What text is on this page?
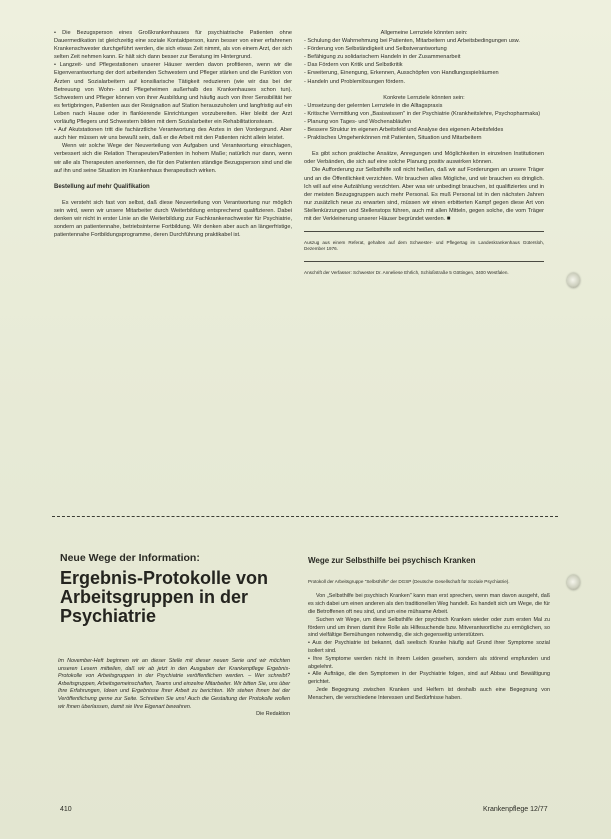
• Die Bezugsperson eines Großkrankenhauses für psychiatrische Patienten ohne Dauermedikation ist gleichzeitig eine soziale Kontaktperson, kann besser von einer erfahrenen Krankenschwester durchgeführt werden, die sich etwas Zeit nimmt, als von einem Arzt, der sich selten Zeit nehmen kann. Er hält sich dann besser zur Beratung im Hintergrund.

• Langzeit- und Pflegestationen unserer Häuser werden davon profitieren, wenn wir die Eigenverantwortung der dort arbeitenden Schwestern und Pfleger stärken und die Funktion von Ärzten und Sozialarbeitern auf konsiliarische Tätigkeit reduzieren (wie wir das bei der Betreuung von Wohn- und Pflegeheimen außerhalb des Krankenhauses schon tun). Schwestern und Pfleger können von ihrer Ausbildung und häufig auch von ihrer Sensibilität her es fertigbringen, Patienten aus der Resignation auf Station herauszuholen und langfristig auf ein Leben nach Hause oder in flankierende Einrichtungen vorzubereiten. Hier bleibt der Arzt vorläufig Pflegers und Schwestern bilden mit dem Sozialarbeiter ein Rehabilitationsteam.

• Auf Akutstationen tritt die fachärztliche Verantwortung des Arztes in den Vordergrund. Aber auch hier müssen wir uns bewußt sein, daß er die Arbeit mit den Patienten nicht allein leistet.

Wenn wir solche Wege der Neuverteilung von Aufgaben und Verantwortung einschlagen, verbessert sich die Relation Therapeuten/Patienten in hohem Maße; natürlich nur dann, wenn wir alle als Therapeuten anerkennen, die für den Patienten ständige Bezugsperson sind und die auf ihn und seine Situation im Krankenhaus therapeutisch wirken.

Bestellung auf mehr Qualifikation

Es versteht sich fast von selbst, daß diese Neuverteilung von Verantwortung nur möglich sein wird, wenn wir unsere Mitarbeiter durch Weiterbildung entsprechend qualifizieren. Dabei denken wir nicht in erster Linie an die Weiterbildung zur Fachkrankenschwester für Psychiatrie, sondern an patientennahe, betriebsinterne Fortbildung. Wir denken aber auch an längerfristige, patientennahe Fortbildungsprogramme, deren Durchführung praktikabel ist.

Allgemeine Lernziele könnten sein:

- Schulung der Wahrnehmung bei Patienten, Mitarbeitern und Arbeitsbedingungen usw.
- Förderung von Selbständigkeit und Selbstverantwortung
- Befähigung zu solidarischem Handeln in der Zusammenarbeit
- Das Fördern von Kritik und Selbstkritik
- Erweiterung, Einengung, Erkennen, Ausschöpfen von Handlungsspielräumen
- Handeln und Problemlösungen fördern.

Konkrete Lernziele könnten sein:

- Umsetzung der gelernten Lernziele in die Alltagspraxis
- Kritische Vermittlung von „Basiswissen" in der Psychiatrie (Krankheitslehre, Psychopharmaka)
- Planung von Tages- und Wochenabläufen
- Bessere Struktur im eigenen Arbeitsfeld und Analyse des eigenen Arbeitsfeldes
- Praktisches Umgehenkönnen mit Patienten, Situation und Mitarbeitern

Es gibt schon praktische Ansätze, Anregungen und Möglichkeiten in einzelnen Institutionen oder Verbänden, die sich auf eine solche Planung positiv auswirken können.

Die Aufforderung zur Selbsthilfe soll nicht heißen, daß wir auf Forderungen an unsere Träger und an die Öffentlichkeit verzichten. Wir brauchen alles Mögliche, und wir brauchen es dringlich. Ich will auf eine Aufzählung verzichten. Aber was wir unbedingt brauchen, ist qualifiziertes und in der meisten Bezugsgruppen auch mehr Personal. Es muß Personal ist in den nächsten Jahren nur zusätzlich neue zu erwarten sind, müssen wir einen erbitterten Kampf gegen diese Art von Stellenkürzungen und Stellenstops führen, auch mit allen Mitteln, gegen solche, die vom Träger mit der Verkleinerung unserer Häuser begründet werden. ■

Auszug aus einem Referat, gehalten auf dem Schwester- und Pflegertag im Landeskrankenhaus Gütersloh, Dezember 1976.
Anschrift der Verfasser: Schwester Dr. Anneliese Ehrlich, Schloßstraße 5 Göttingen, 3400 Westfalen.
Neue Wege der Information:
Ergebnis-Protokolle von Arbeitsgruppen in der Psychiatrie
Im November-Heft beginnen wir an dieser Stelle mit dieser neuen Serie und wir möchten unseren Lesern mitteilen, daß wir ab jetzt in den Ausgaben der Krankenpflege Ergebnis-Protokolle von Arbeitsgruppen in der Psychiatrie veröffentlichen werden. – Wer schreibt? Arbeitsgruppen, Arbeitsgemeinschaften, Teams und einzelne Mitarbeiter. Wir bitten Sie, uns über Ihre Erfahrungen, Ideen und Ergebnisse Ihrer Arbeit zu berichten. Wir stehen Ihnen bei der Veröffentlichung gerne zur Seite. Schreiben Sie uns! Auch die Gestaltung der Protokolle wollen wir Ihnen überlassen, damit sie Ihre Eigenart bewahren.
Die Redaktion
Wege zur Selbsthilfe bei psychisch Kranken
Protokoll der Arbeitsgruppe "Selbsthilfe" der DGSP (Deutsche Gesellschaft für Soziale Psychiatrie).

Von „Selbsthilfe bei psychisch Kranken" kann man erst sprechen, wenn man davon ausgeht, daß es sich dabei um einen anderen als den traditionellen Weg handelt. Es handelt sich um Wege, die für die Betroffenen oft neu sind, und um eine mühsame Arbeit.

Suchen wir Wege, um diese Selbsthilfe der psychisch Kranken wieder oder zum ersten Mal zu fördern und um ihnen damit ihre Rolle als Hilfesuchende bzw. Mitverantwortliche zu ermöglichen, so sind vielfältige Bemühungen notwendig, die sich gegenseitig unterstützen.

• Aus der Psychiatrie ist bekannt, daß seelisch Kranke häufig auf Grund ihrer Symptome sozial isoliert sind.

• Ihre Symptome werden nicht in ihrem Leiden gesehen, sondern als störend empfunden und abgelehnt.

• Alle Aufträge, die den Symptomen in der Psychiatrie folgen, sind auf Abbau und Bewältigung gerichtet.

Jede Begegnung zwischen Kranken und Helfern ist deshalb auch eine Begegnung von Menschen, die verschiedene Interessen und Bedürfnisse haben.

410	Krankenpflege 12/77
